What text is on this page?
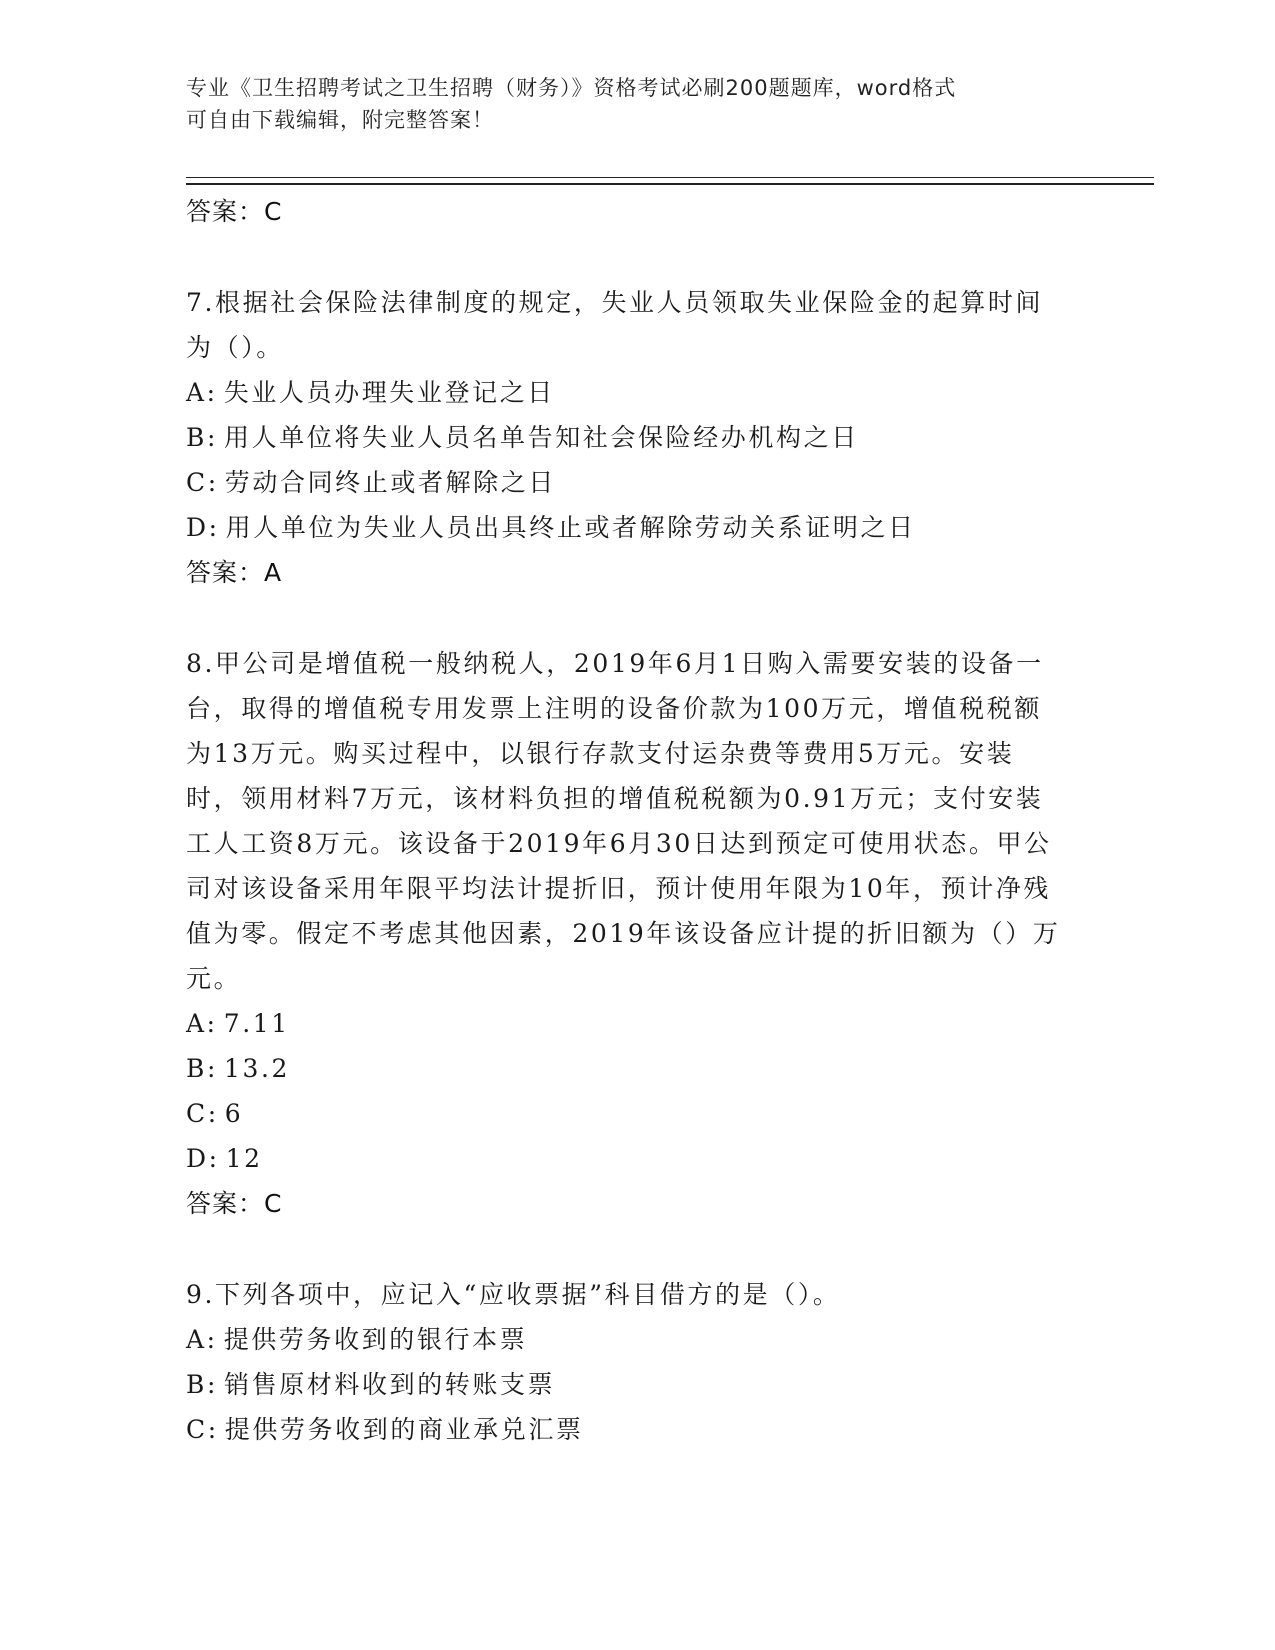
专业《卫生招聘考试之卫生招聘（财务）》资格考试必刷200题题库，word格式
可自由下载编辑，附完整答案！
答案：C
7.根据社会保险法律制度的规定，失业人员领取失业保险金的起算时间为（）。
A: 失业人员办理失业登记之日
B: 用人单位将失业人员名单告知社会保险经办机构之日
C: 劳动合同终止或者解除之日
D: 用人单位为失业人员出具终止或者解除劳动关系证明之日
答案：A
8.甲公司是增值税一般纳税人，2019年6月1日购入需要安装的设备一台，取得的增值税专用发票上注明的设备价款为100万元，增值税税额为13万元。购买过程中，以银行存款支付运杂费等费用5万元。安装时，领用材料7万元，该材料负担的增值税税额为0.91万元；支付安装工人工资8万元。该设备于2019年6月30日达到预定可使用状态。甲公司对该设备采用年限平均法计提折旧，预计使用年限为10年，预计净残值为零。假定不考虑其他因素，2019年该设备应计提的折旧额为（）万元。
A: 7.11
B: 13.2
C: 6
D: 12
答案：C
9.下列各项中，应记入“应收票据”科目借方的是（）。
A: 提供劳务收到的银行本票
B: 销售原材料收到的转账支票
C: 提供劳务收到的商业承兑汇票
